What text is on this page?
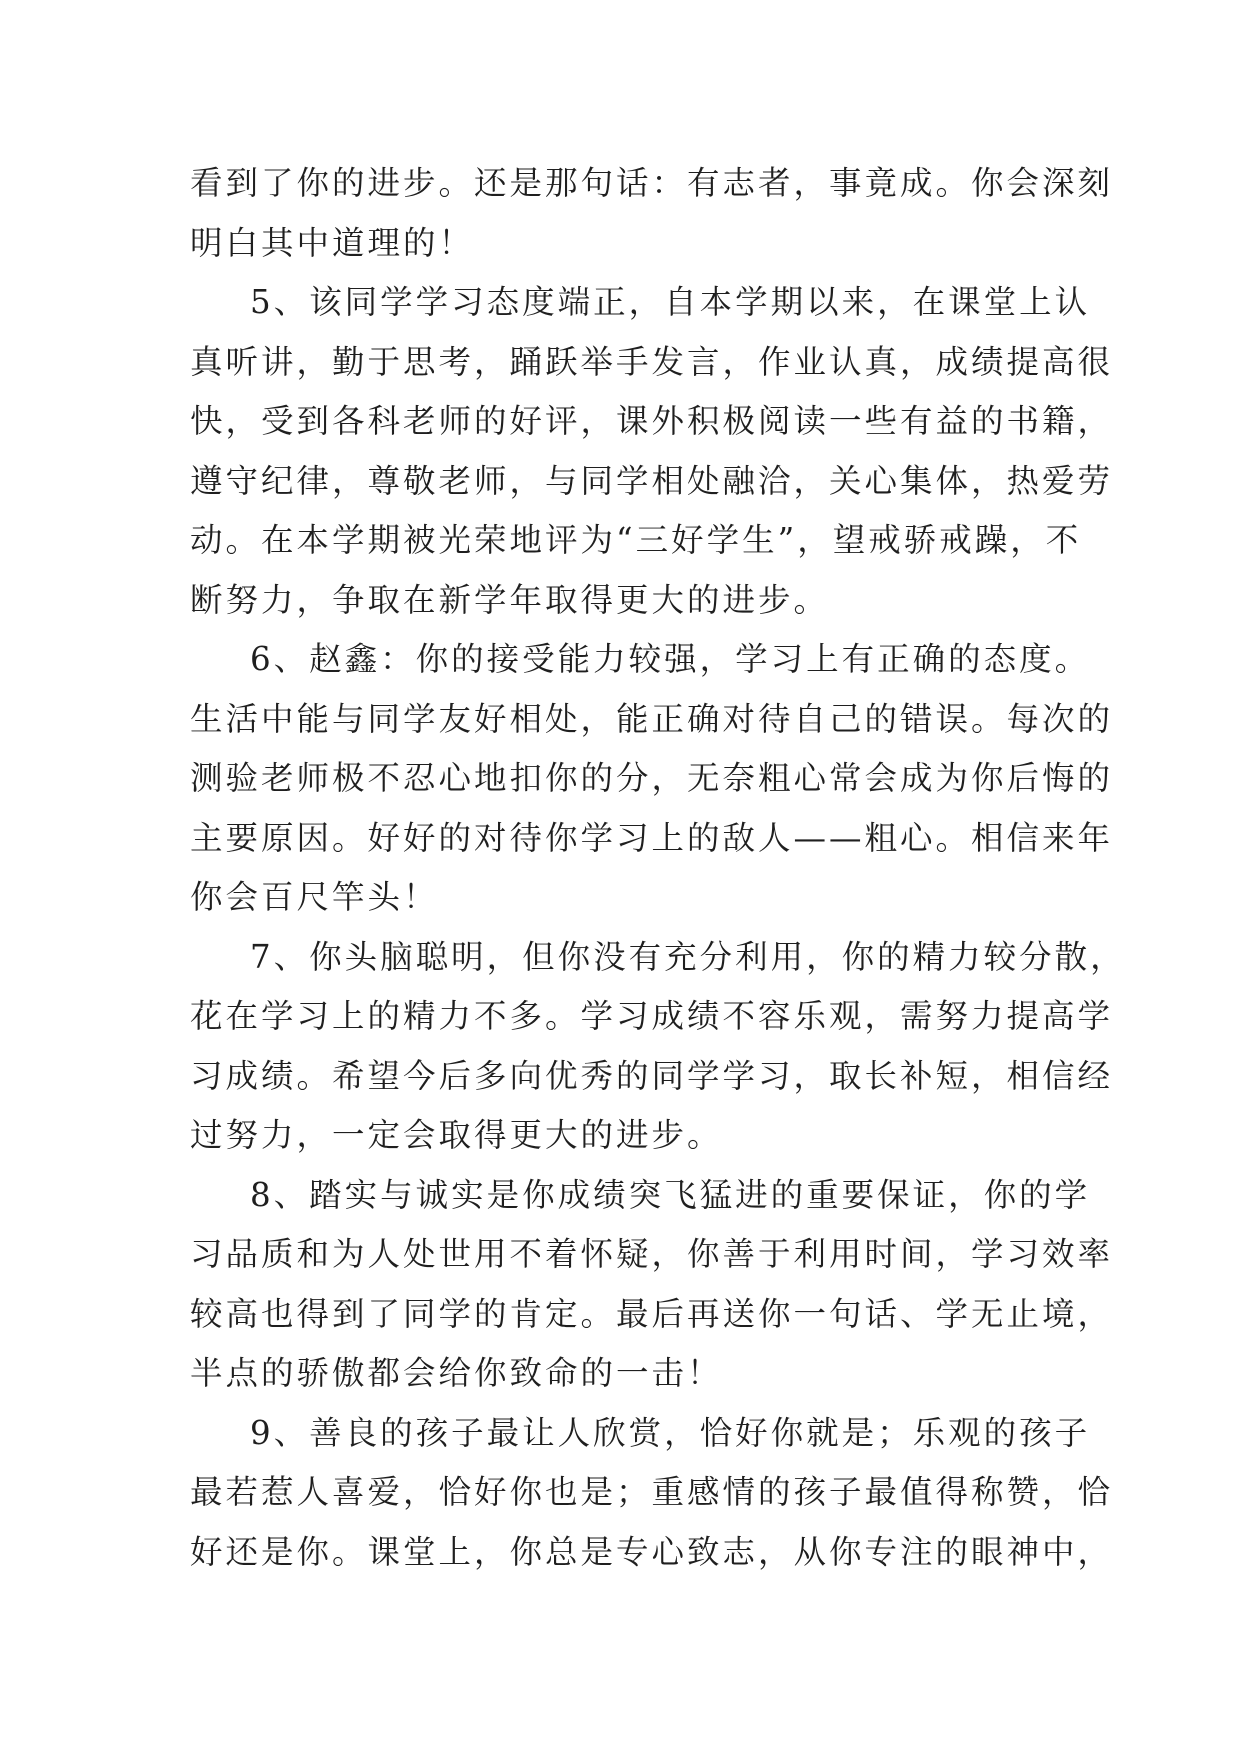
看到了你的进步。还是那句话：有志者，事竟成。你会深刻
明白其中道理的！
5、该同学学习态度端正，自本学期以来，在课堂上认
真听讲，勤于思考，踊跃举手发言，作业认真，成绩提高很
快，受到各科老师的好评，课外积极阅读一些有益的书籍，
遵守纪律，尊敬老师，与同学相处融洽，关心集体，热爱劳
动。在本学期被光荣地评为“三好学生”，望戒骄戒躁，不
断努力，争取在新学年取得更大的进步。
6、赵鑫：你的接受能力较强，学习上有正确的态度。
生活中能与同学友好相处，能正确对待自己的错误。每次的
测验老师极不忍心地扣你的分，无奈粗心常会成为你后悔的
主要原因。好好的对待你学习上的敌人——粗心。相信来年
你会百尺竿头！
7、你头脑聪明，但你没有充分利用，你的精力较分散，
花在学习上的精力不多。学习成绩不容乐观，需努力提高学
习成绩。希望今后多向优秀的同学学习，取长补短，相信经
过努力，一定会取得更大的进步。
8、踏实与诚实是你成绩突飞猛进的重要保证，你的学
习品质和为人处世用不着怀疑，你善于利用时间，学习效率
较高也得到了同学的肯定。最后再送你一句话、学无止境，
半点的骄傲都会给你致命的一击！
9、善良的孩子最让人欣赏，恰好你就是；乐观的孩子
最若惹人喜爱，恰好你也是；重感情的孩子最值得称赞，恰
好还是你。课堂上，你总是专心致志，从你专注的眼神中，
